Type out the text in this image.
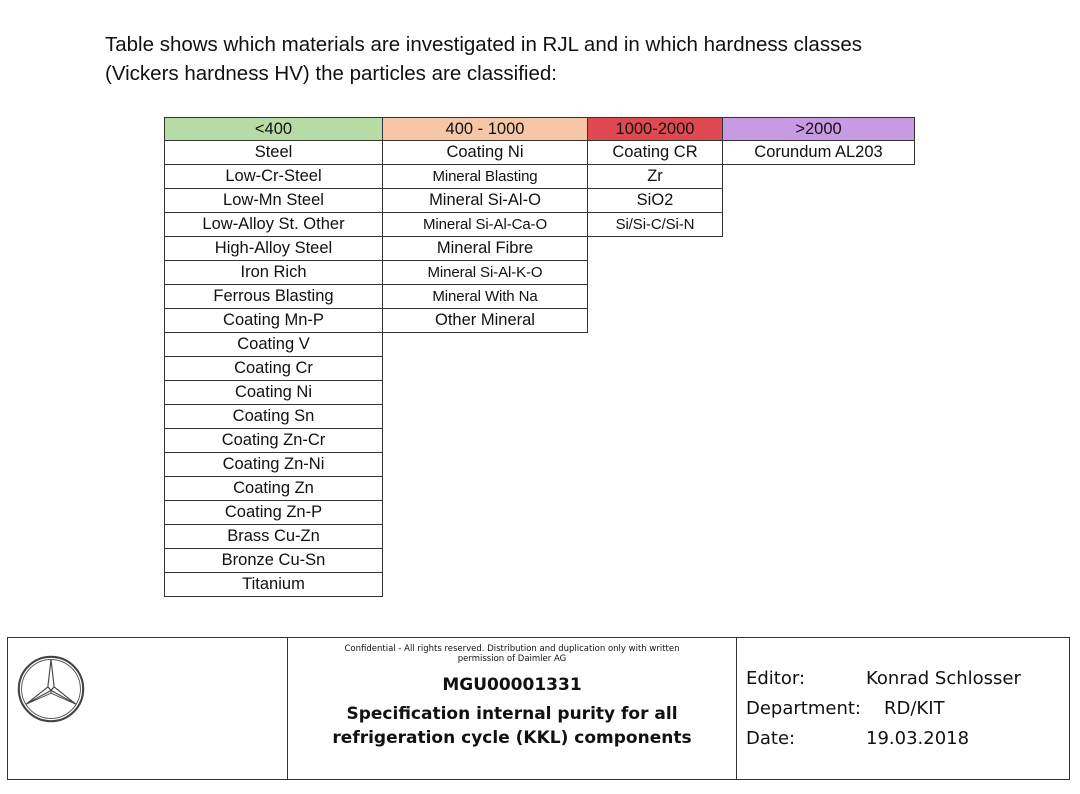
Table shows which materials are investigated in RJL and in which hardness classes

(Vickers hardness HV) the particles are classified:

<400
Steel
Low-Cr-Steel
Low-Mn Steel
Low-Alloy St. Other
High-Alloy Steel
Iron Rich
Ferrous Blasting
Coating Mn-P
Coating V
Coating Cr
Coating Ni
Coating Sn
Coating Zn-Cr
Coating Zn-Ni
Coating Zn
Coating Zn-P
Brass Cu-Zn
Bronze Cu-Sn
Titanium
400 - 1000
Coating Ni
Mineral Blasting
Mineral Si-Al-O
Mineral Si-Al-Ca-O
Mineral Fibre
Mineral Si-Al-K-O
Mineral With Na
Other Mineral
1000-2000
Coating CR
Zr
SiO2
Si/Si-C/Si-N
>2000
Corundum AL203
Confidential - All rights reserved. Distribution and duplication only with written permission of Daimler AG
MGU00001331
Specification internal purity for all
refrigeration cycle (KKL) components
Editor:	Konrad Schlosser
Department: RD/KIT
Date:	19.03.2018
